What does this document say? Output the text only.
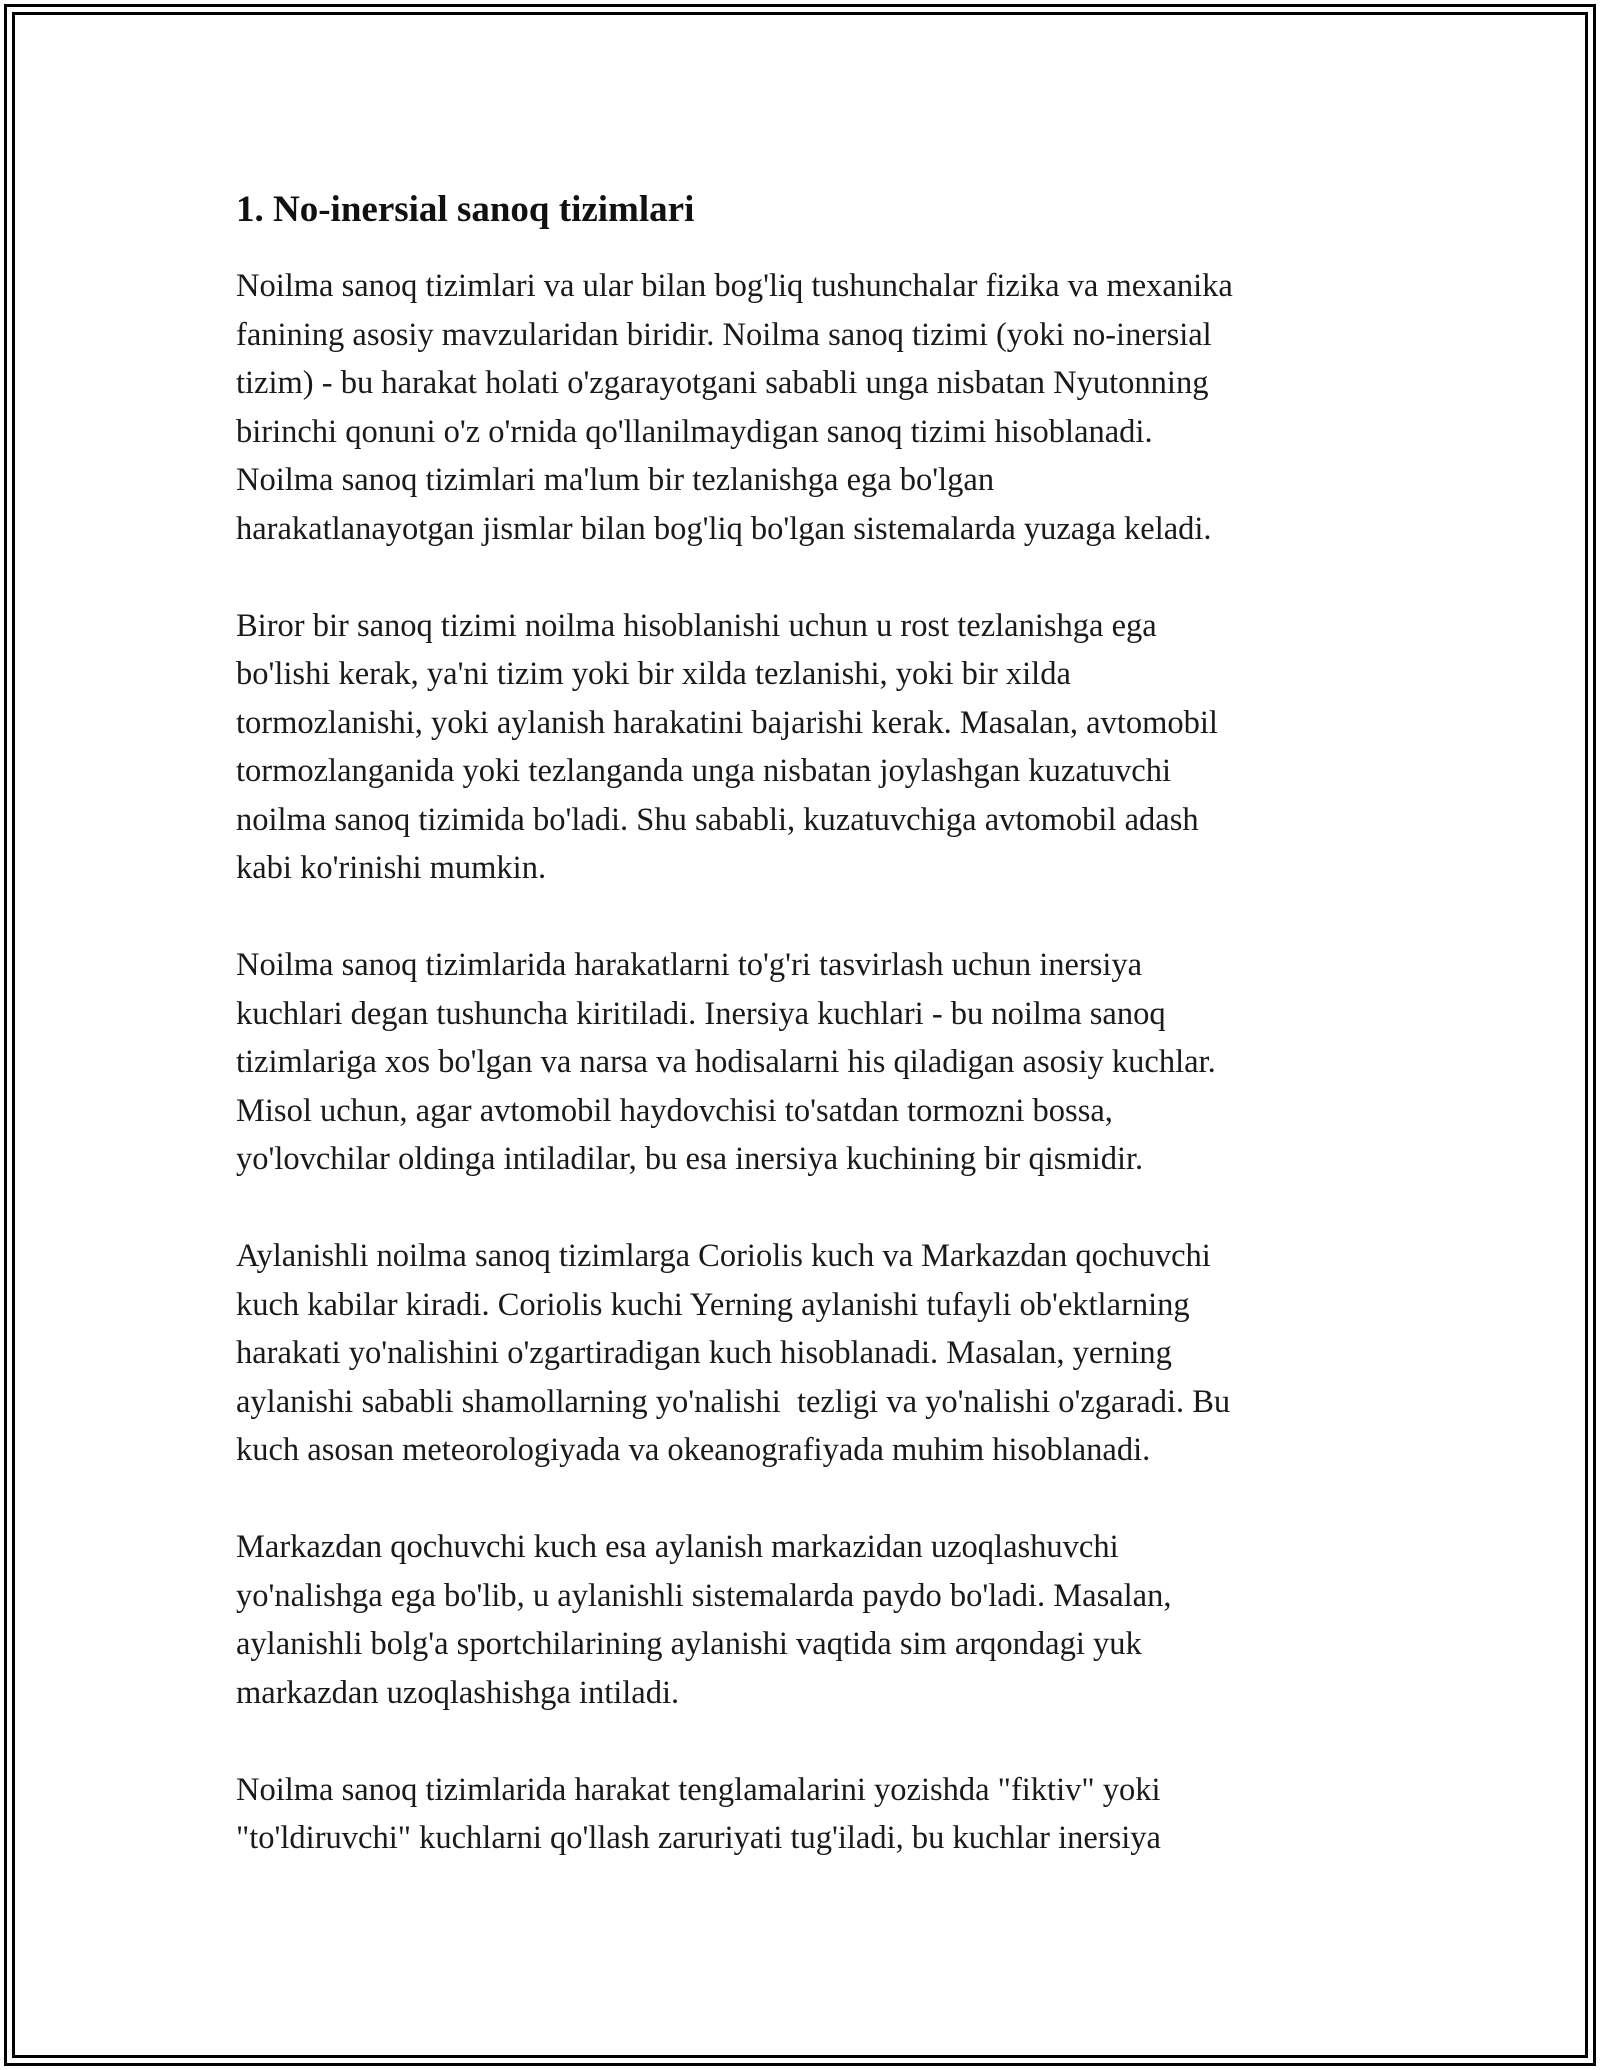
1. No-inersial sanoq tizimlari

Noilma sanoq tizimlari va ular bilan bog'liq tushunchalar fizika va mexanika
fanining asosiy mavzularidan biridir. Noilma sanoq tizimi (yoki no-inersial
tizim) - bu harakat holati o'zgarayotgani sababli unga nisbatan Nyutonning
birinchi qonuni o'z o'rnida qo'llanilmaydigan sanoq tizimi hisoblanadi.
Noilma sanoq tizimlari ma'lum bir tezlanishga ega bo'lgan
harakatlanayotgan jismlar bilan bog'liq bo'lgan sistemalarda yuzaga keladi.

Biror bir sanoq tizimi noilma hisoblanishi uchun u rost tezlanishga ega
bo'lishi kerak, ya'ni tizim yoki bir xilda tezlanishi, yoki bir xilda
tormozlanishi, yoki aylanish harakatini bajarishi kerak. Masalan, avtomobil
tormozlanganida yoki tezlanganda unga nisbatan joylashgan kuzatuvchi
noilma sanoq tizimida bo'ladi. Shu sababli, kuzatuvchiga avtomobil adash
kabi ko'rinishi mumkin.

Noilma sanoq tizimlarida harakatlarni to'g'ri tasvirlash uchun inersiya
kuchlari degan tushuncha kiritiladi. Inersiya kuchlari - bu noilma sanoq
tizimlariga xos bo'lgan va narsa va hodisalarni his qiladigan asosiy kuchlar.
Misol uchun, agar avtomobil haydovchisi to'satdan tormozni bossa,
yo'lovchilar oldinga intiladilar, bu esa inersiya kuchining bir qismidir.

Aylanishli noilma sanoq tizimlarga Coriolis kuch va Markazdan qochuvchi
kuch kabilar kiradi. Coriolis kuchi Yerning aylanishi tufayli ob'ektlarning
harakati yo'nalishini o'zgartiradigan kuch hisoblanadi. Masalan, yerning
aylanishi sababli shamollarning yo'nalishi  tezligi va yo'nalishi o'zgaradi. Bu
kuch asosan meteorologiyada va okeanografiyada muhim hisoblanadi.

Markazdan qochuvchi kuch esa aylanish markazidan uzoqlashuvchi
yo'nalishga ega bo'lib, u aylanishli sistemalarda paydo bo'ladi. Masalan,
aylanishli bolg'a sportchilarining aylanishi vaqtida sim arqondagi yuk
markazdan uzoqlashishga intiladi.

Noilma sanoq tizimlarida harakat tenglamalarini yozishda "fiktiv" yoki
"to'ldiruvchi" kuchlarni qo'llash zaruriyati tug'iladi, bu kuchlar inersiya
